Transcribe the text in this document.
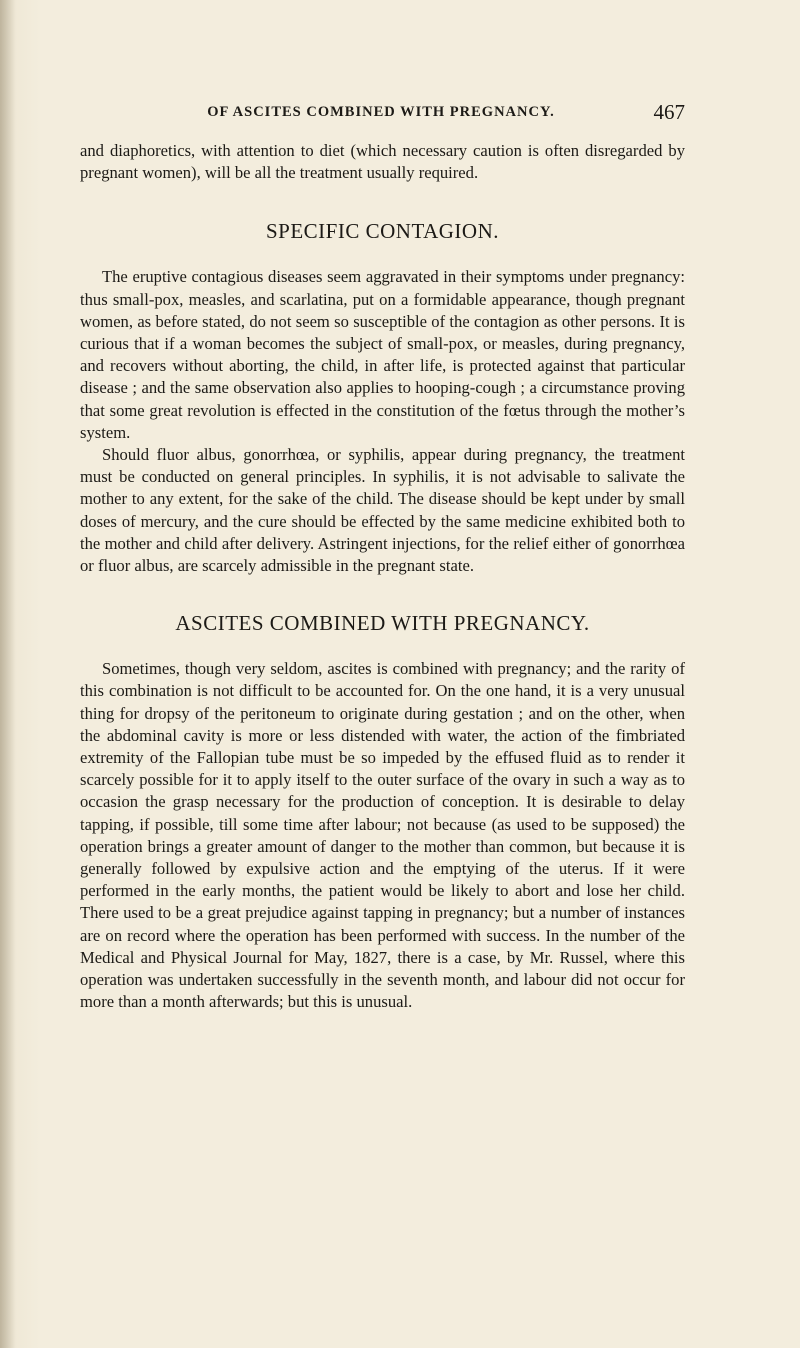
OF ASCITES COMBINED WITH PREGNANCY.	467

and diaphoretics, with attention to diet (which necessary caution is often disregarded by pregnant women), will be all the treatment usually required.

SPECIFIC CONTAGION.

The eruptive contagious diseases seem aggravated in their symptoms under pregnancy: thus small-pox, measles, and scarlatina, put on a formidable appearance, though pregnant women, as before stated, do not seem so susceptible of the contagion as other persons. It is curious that if a woman becomes the subject of small-pox, or measles, during pregnancy, and recovers without aborting, the child, in after life, is protected against that particular disease ; and the same observation also applies to hooping-cough ; a circumstance proving that some great revolution is effected in the constitution of the fœtus through the mother’s system.

Should fluor albus, gonorrhœa, or syphilis, appear during pregnancy, the treatment must be conducted on general principles. In syphilis, it is not advisable to salivate the mother to any extent, for the sake of the child. The disease should be kept under by small doses of mercury, and the cure should be effected by the same medicine exhibited both to the mother and child after delivery. Astringent injections, for the relief either of gonorrhœa or fluor albus, are scarcely admissible in the pregnant state.

ASCITES COMBINED WITH PREGNANCY.

Sometimes, though very seldom, ascites is combined with pregnancy; and the rarity of this combination is not difficult to be accounted for. On the one hand, it is a very unusual thing for dropsy of the peritoneum to originate during gestation ; and on the other, when the abdominal cavity is more or less distended with water, the action of the fimbriated extremity of the Fallopian tube must be so impeded by the effused fluid as to render it scarcely possible for it to apply itself to the outer surface of the ovary in such a way as to occasion the grasp necessary for the production of conception. It is desirable to delay tapping, if possible, till some time after labour; not because (as used to be supposed) the operation brings a greater amount of danger to the mother than common, but because it is generally followed by expulsive action and the emptying of the uterus. If it were performed in the early months, the patient would be likely to abort and lose her child. There used to be a great prejudice against tapping in pregnancy; but a number of instances are on record where the operation has been performed with success. In the number of the Medical and Physical Journal for May, 1827, there is a case, by Mr. Russel, where this operation was undertaken successfully in the seventh month, and labour did not occur for more than a month afterwards; but this is unusual.
